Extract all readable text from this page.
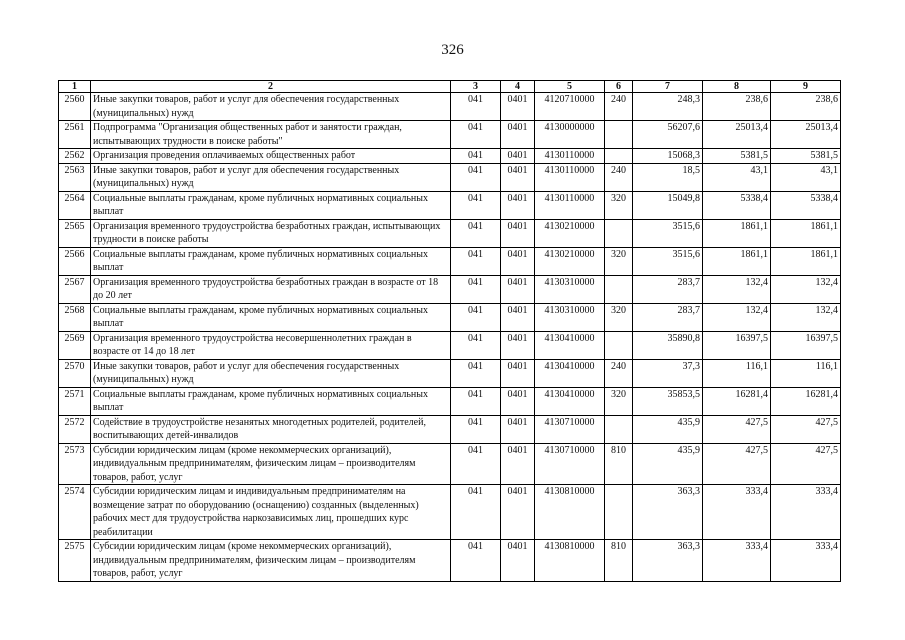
326
1	2	3	4	5	6	7	8	9
2560	Иные закупки товаров, работ и услуг для обеспечения государственных (муниципальных) нужд	041	0401	4120710000	240	248,3	238,6	238,6
2561	Подпрограмма "Организация общественных работ и занятости граждан, испытывающих трудности в поиске работы"	041	0401	4130000000		56207,6	25013,4	25013,4
2562	Организация проведения оплачиваемых общественных работ	041	0401	4130110000		15068,3	5381,5	5381,5
2563	Иные закупки товаров, работ и услуг для обеспечения государственных (муниципальных) нужд	041	0401	4130110000	240	18,5	43,1	43,1
2564	Социальные выплаты гражданам, кроме публичных нормативных социальных выплат	041	0401	4130110000	320	15049,8	5338,4	5338,4
2565	Организация временного трудоустройства безработных граждан, испытывающих трудности в поиске работы	041	0401	4130210000		3515,6	1861,1	1861,1
2566	Социальные выплаты гражданам, кроме публичных нормативных социальных выплат	041	0401	4130210000	320	3515,6	1861,1	1861,1
2567	Организация временного трудоустройства безработных граждан в возрасте от 18 до 20 лет	041	0401	4130310000		283,7	132,4	132,4
2568	Социальные выплаты гражданам, кроме публичных нормативных социальных выплат	041	0401	4130310000	320	283,7	132,4	132,4
2569	Организация временного трудоустройства несовершеннолетних граждан в возрасте от 14 до 18 лет	041	0401	4130410000		35890,8	16397,5	16397,5
2570	Иные закупки товаров, работ и услуг для обеспечения государственных (муниципальных) нужд	041	0401	4130410000	240	37,3	116,1	116,1
2571	Социальные выплаты гражданам, кроме публичных нормативных социальных выплат	041	0401	4130410000	320	35853,5	16281,4	16281,4
2572	Содействие в трудоустройстве незанятых многодетных родителей, родителей, воспитывающих детей-инвалидов	041	0401	4130710000		435,9	427,5	427,5
2573	Субсидии юридическим лицам (кроме некоммерческих организаций), индивидуальным предпринимателям, физическим лицам – производителям товаров, работ, услуг	041	0401	4130710000	810	435,9	427,5	427,5
2574	Субсидии юридическим лицам и индивидуальным предпринимателям на возмещение затрат по оборудованию (оснащению) созданных (выделенных) рабочих мест для трудоустройства наркозависимых лиц, прошедших курс реабилитации	041	0401	4130810000		363,3	333,4	333,4
2575	Субсидии юридическим лицам (кроме некоммерческих организаций), индивидуальным предпринимателям, физическим лицам – производителям товаров, работ, услуг	041	0401	4130810000	810	363,3	333,4	333,4
